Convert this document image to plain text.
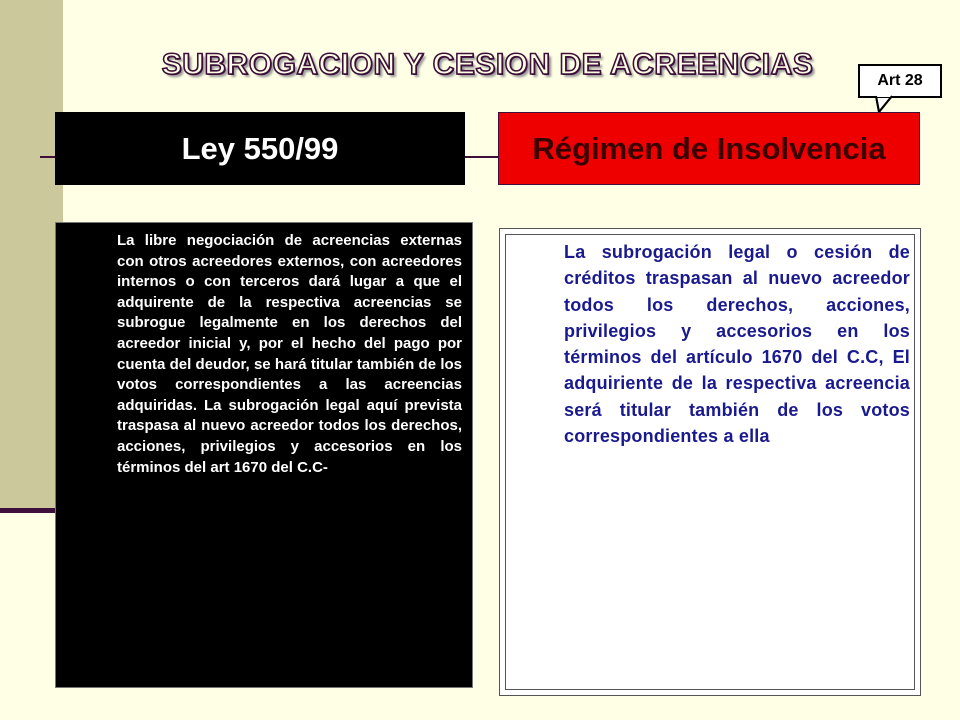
SUBROGACION Y CESION DE ACREENCIAS	Art 28
Ley 550/99	Régimen de Insolvencia

La libre negociación de acreencias externas con otros acreedores externos, con acreedores internos o con terceros dará lugar a que el adquirente de la respectiva acreencias se subrogue legalmente en los derechos del acreedor inicial y, por el hecho del pago por cuenta del deudor, se hará titular también de los votos correspondientes a las acreencias adquiridas. La subrogación legal aquí prevista traspasa al nuevo acreedor todos los derechos, acciones, privilegios y accesorios en los términos del art 1670 del C.C-

La subrogación legal o cesión de créditos traspasan al nuevo acreedor todos los derechos, acciones, privilegios y accesorios en los términos del artículo 1670 del C.C, El adquiriente de la respectiva acreencia será titular también de los votos correspondientes a ella
